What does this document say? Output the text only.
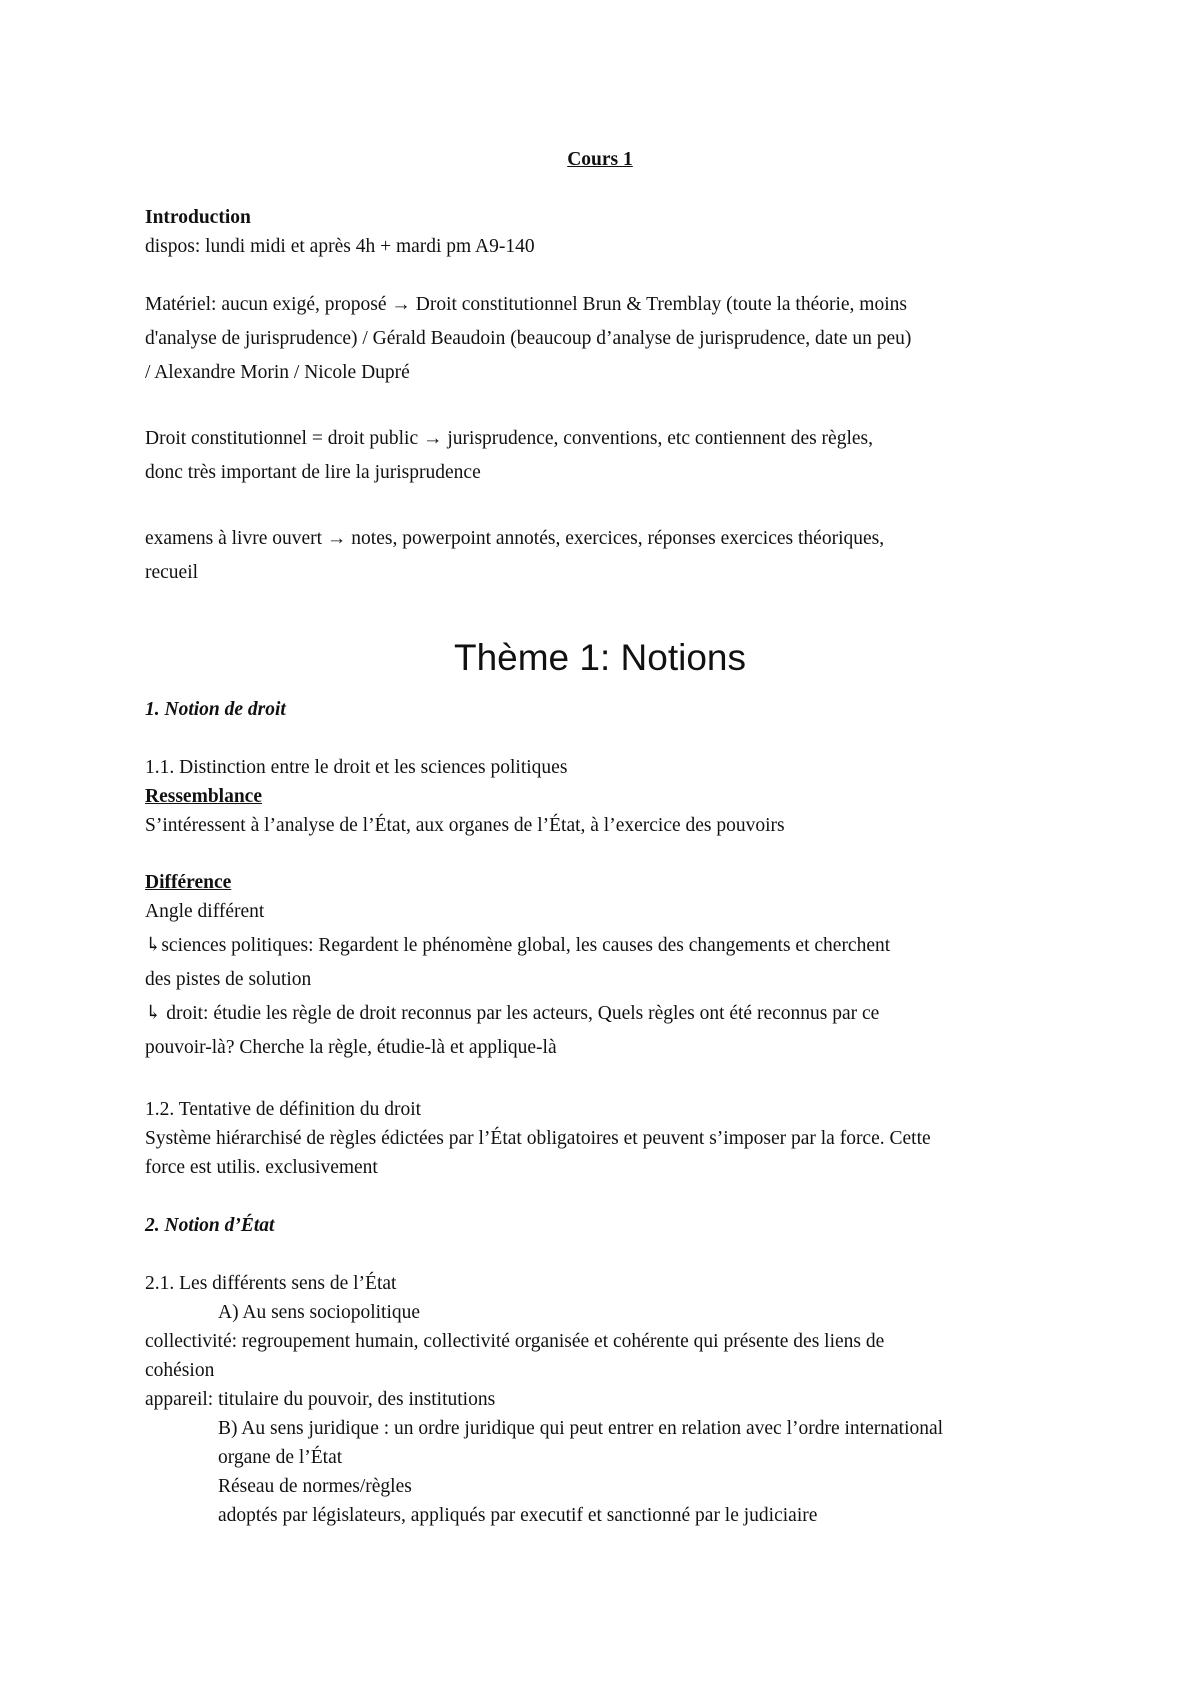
Cours 1
Introduction
dispos: lundi midi et après 4h + mardi pm A9-140
Matériel: aucun exigé, proposé → Droit constitutionnel Brun & Tremblay (toute la théorie, moins
d'analyse de jurisprudence) / Gérald Beaudoin (beaucoup d’analyse de jurisprudence, date un peu)
/ Alexandre Morin / Nicole Dupré
Droit constitutionnel = droit public → jurisprudence, conventions, etc contiennent des règles,
donc très important de lire la jurisprudence
examens à livre ouvert → notes, powerpoint annotés, exercices, réponses exercices théoriques,
recueil
Thème 1: Notions
1. Notion de droit
1.1. Distinction entre le droit et les sciences politiques
Ressemblance
S’intéressent à l’analyse de l’État, aux organes de l’État, à l’exercice des pouvoirs
Différence
Angle différent
↳sciences politiques: Regardent le phénomène global, les causes des changements et cherchent
des pistes de solution
↳ droit: étudie les règle de droit reconnus par les acteurs, Quels règles ont été reconnus par ce
pouvoir-là? Cherche la règle, étudie-là et applique-là
1.2. Tentative de définition du droit
Système hiérarchisé de règles édictées par l’État obligatoires et peuvent s’imposer par la force. Cette
force est utilis. exclusivement
2. Notion d’État
2.1. Les différents sens de l’État
A) Au sens sociopolitique
collectivité: regroupement humain, collectivité organisée et cohérente qui présente des liens de
cohésion
appareil: titulaire du pouvoir, des institutions
B) Au sens juridique : un ordre juridique qui peut entrer en relation avec l’ordre international
organe de l’État
Réseau de normes/règles
adoptés par législateurs, appliqués par executif et sanctionné par le judiciaire
